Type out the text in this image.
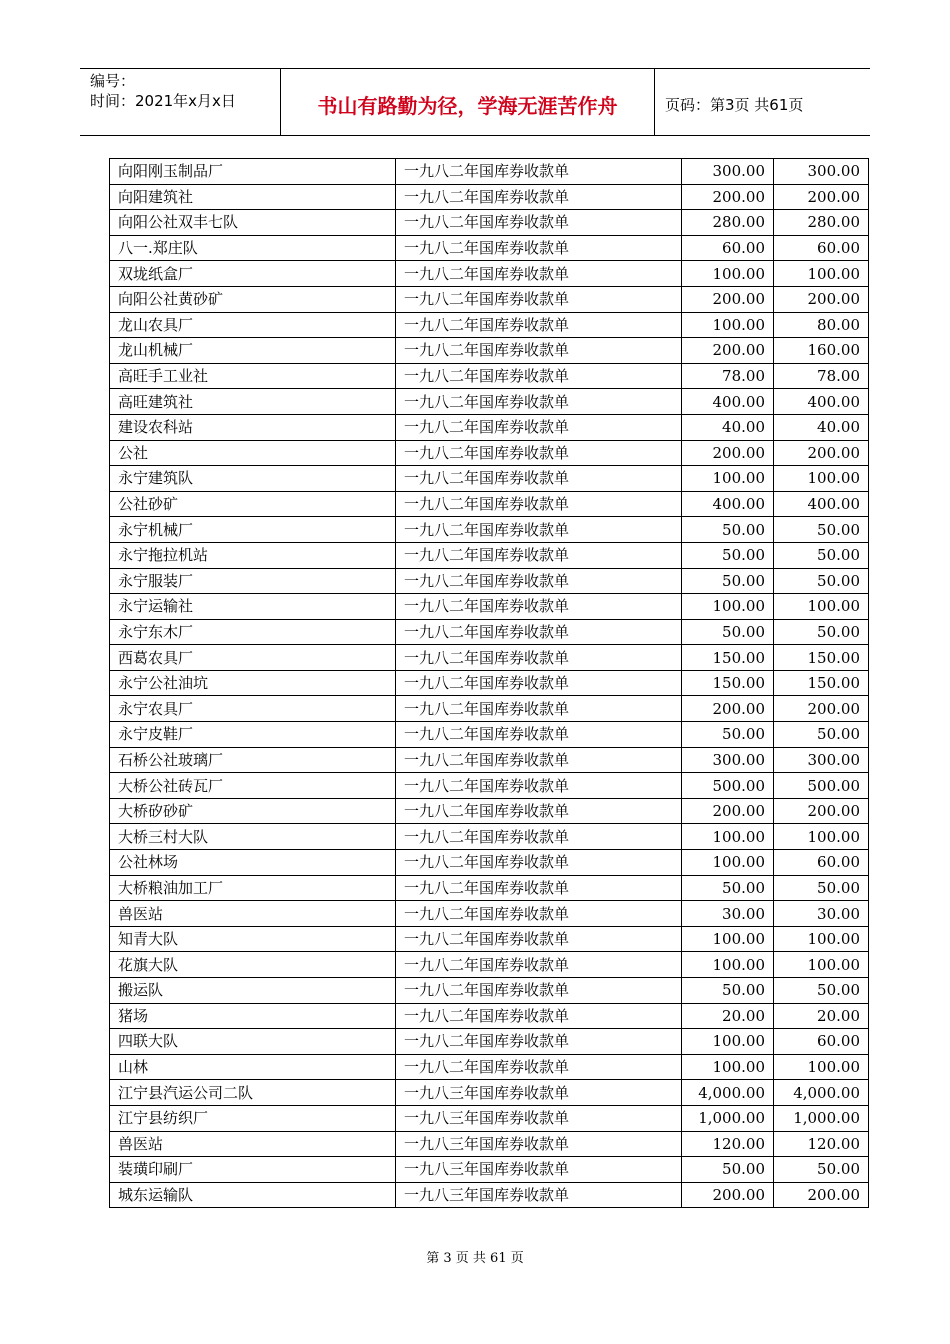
编号：
时间：2021年x月x日	书山有路勤为径，学海无涯苦作舟	页码：第3页 共61页
向阳刚玉制品厂	一九八二年国库券收款单	300.00	300.00
向阳建筑社	一九八二年国库券收款单	200.00	200.00
向阳公社双丰七队	一九八二年国库券收款单	280.00	280.00
八一.郑庄队	一九八二年国库券收款单	60.00	60.00
双垅纸盒厂	一九八二年国库券收款单	100.00	100.00
向阳公社黄砂矿	一九八二年国库券收款单	200.00	200.00
龙山农具厂	一九八二年国库券收款单	100.00	80.00
龙山机械厂	一九八二年国库券收款单	200.00	160.00
高旺手工业社	一九八二年国库券收款单	78.00	78.00
高旺建筑社	一九八二年国库券收款单	400.00	400.00
建设农科站	一九八二年国库券收款单	40.00	40.00
公社	一九八二年国库券收款单	200.00	200.00
永宁建筑队	一九八二年国库券收款单	100.00	100.00
公社砂矿	一九八二年国库券收款单	400.00	400.00
永宁机械厂	一九八二年国库券收款单	50.00	50.00
永宁拖拉机站	一九八二年国库券收款单	50.00	50.00
永宁服装厂	一九八二年国库券收款单	50.00	50.00
永宁运输社	一九八二年国库券收款单	100.00	100.00
永宁东木厂	一九八二年国库券收款单	50.00	50.00
西葛农具厂	一九八二年国库券收款单	150.00	150.00
永宁公社油坑	一九八二年国库券收款单	150.00	150.00
永宁农具厂	一九八二年国库券收款单	200.00	200.00
永宁皮鞋厂	一九八二年国库券收款单	50.00	50.00
石桥公社玻璃厂	一九八二年国库券收款单	300.00	300.00
大桥公社砖瓦厂	一九八二年国库券收款单	500.00	500.00
大桥矽砂矿	一九八二年国库券收款单	200.00	200.00
大桥三村大队	一九八二年国库券收款单	100.00	100.00
公社林场	一九八二年国库券收款单	100.00	60.00
大桥粮油加工厂	一九八二年国库券收款单	50.00	50.00
兽医站	一九八二年国库券收款单	30.00	30.00
知青大队	一九八二年国库券收款单	100.00	100.00
花旗大队	一九八二年国库券收款单	100.00	100.00
搬运队	一九八二年国库券收款单	50.00	50.00
猪场	一九八二年国库券收款单	20.00	20.00
四联大队	一九八二年国库券收款单	100.00	60.00
山林	一九八二年国库券收款单	100.00	100.00
江宁县汽运公司二队	一九八三年国库券收款单	4,000.00	4,000.00
江宁县纺织厂	一九八三年国库券收款单	1,000.00	1,000.00
兽医站	一九八三年国库券收款单	120.00	120.00
装璜印刷厂	一九八三年国库券收款单	50.00	50.00
城东运输队	一九八三年国库券收款单	200.00	200.00
第 3 页 共 61 页
